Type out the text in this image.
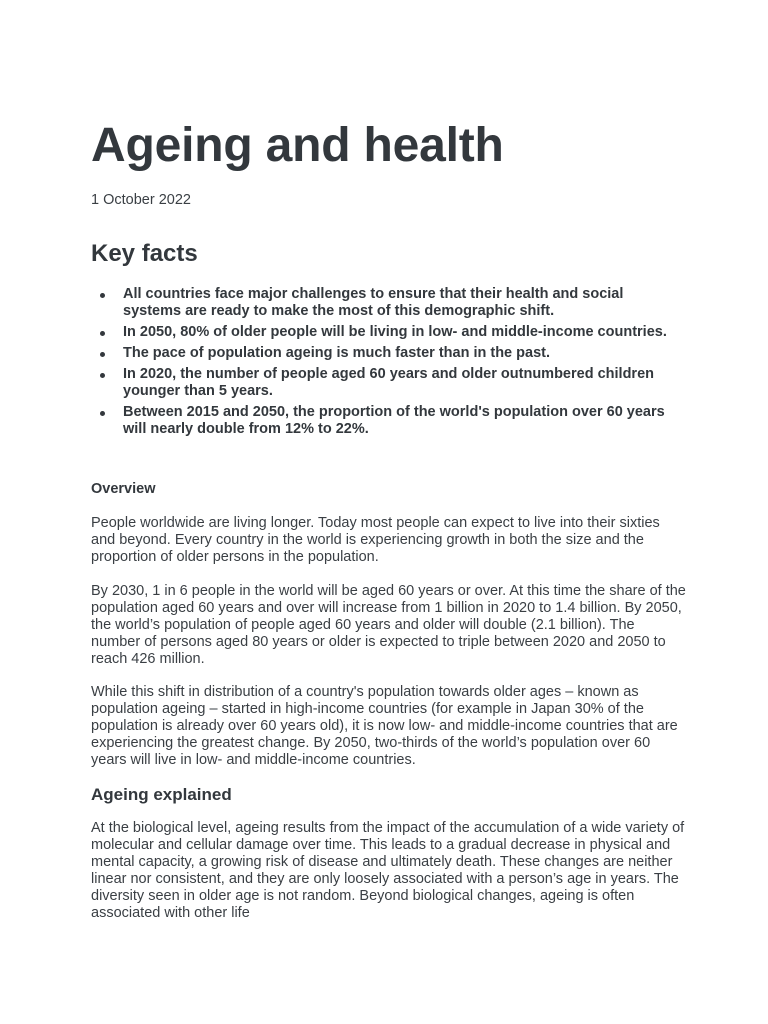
Ageing and health
1 October 2022
Key facts
All countries face major challenges to ensure that their health and social systems are ready to make the most of this demographic shift.
In 2050, 80% of older people will be living in low- and middle-income countries.
The pace of population ageing is much faster than in the past.
In 2020, the number of people aged 60 years and older outnumbered children younger than 5 years.
Between 2015 and 2050, the proportion of the world's population over 60 years will nearly double from 12% to 22%.
Overview

People worldwide are living longer. Today most people can expect to live into their sixties and beyond. Every country in the world is experiencing growth in both the size and the proportion of older persons in the population.

By 2030, 1 in 6 people in the world will be aged 60 years or over. At this time the share of the population aged 60 years and over will increase from 1 billion in 2020 to 1.4 billion. By 2050, the world’s population of people aged 60 years and older will double (2.1 billion). The number of persons aged 80 years or older is expected to triple between 2020 and 2050 to reach 426 million.

While this shift in distribution of a country's population towards older ages – known as population ageing – started in high-income countries (for example in Japan 30% of the population is already over 60 years old), it is now low- and middle-income countries that are experiencing the greatest change. By 2050, two-thirds of the world’s population over 60 years will live in low- and middle-income countries.

Ageing explained

At the biological level, ageing results from the impact of the accumulation of a wide variety of molecular and cellular damage over time. This leads to a gradual decrease in physical and mental capacity, a growing risk of disease and ultimately death. These changes are neither linear nor consistent, and they are only loosely associated with a person’s age in years. The diversity seen in older age is not random. Beyond biological changes, ageing is often associated with other life
